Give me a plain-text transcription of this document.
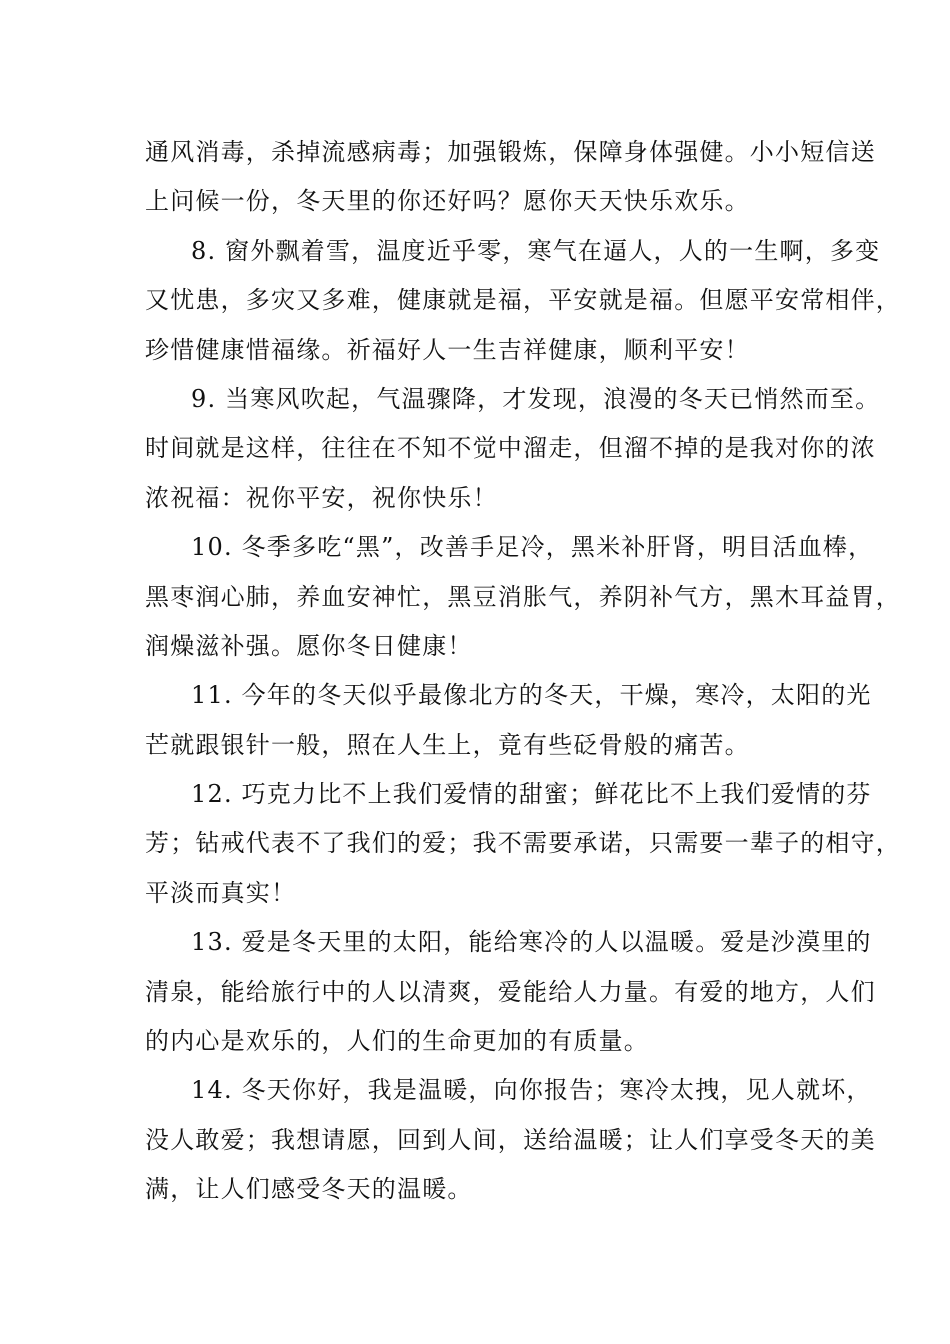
通风消毒，杀掉流感病毒；加强锻炼，保障身体强健。小小短信送
上问候一份，冬天里的你还好吗？愿你天天快乐欢乐。
8. 窗外飘着雪，温度近乎零，寒气在逼人，人的一生啊，多变
又忧患，多灾又多难，健康就是福，平安就是福。但愿平安常相伴，
珍惜健康惜福缘。祈福好人一生吉祥健康，顺利平安！
9. 当寒风吹起，气温骤降，才发现，浪漫的冬天已悄然而至。
时间就是这样，往往在不知不觉中溜走，但溜不掉的是我对你的浓
浓祝福：祝你平安，祝你快乐！
10. 冬季多吃“黑”，改善手足冷，黑米补肝肾，明目活血棒，
黑枣润心肺，养血安神忙，黑豆消胀气，养阴补气方，黑木耳益胃，
润燥滋补强。愿你冬日健康！
11. 今年的冬天似乎最像北方的冬天，干燥，寒冷，太阳的光
芒就跟银针一般，照在人生上，竟有些砭骨般的痛苦。
12. 巧克力比不上我们爱情的甜蜜；鲜花比不上我们爱情的芬
芳；钻戒代表不了我们的爱；我不需要承诺，只需要一辈子的相守，
平淡而真实！
13. 爱是冬天里的太阳，能给寒冷的人以温暖。爱是沙漠里的
清泉，能给旅行中的人以清爽，爱能给人力量。有爱的地方，人们
的内心是欢乐的，人们的生命更加的有质量。
14. 冬天你好，我是温暖，向你报告；寒冷太拽，见人就坏，
没人敢爱；我想请愿，回到人间，送给温暖；让人们享受冬天的美
满，让人们感受冬天的温暖。
